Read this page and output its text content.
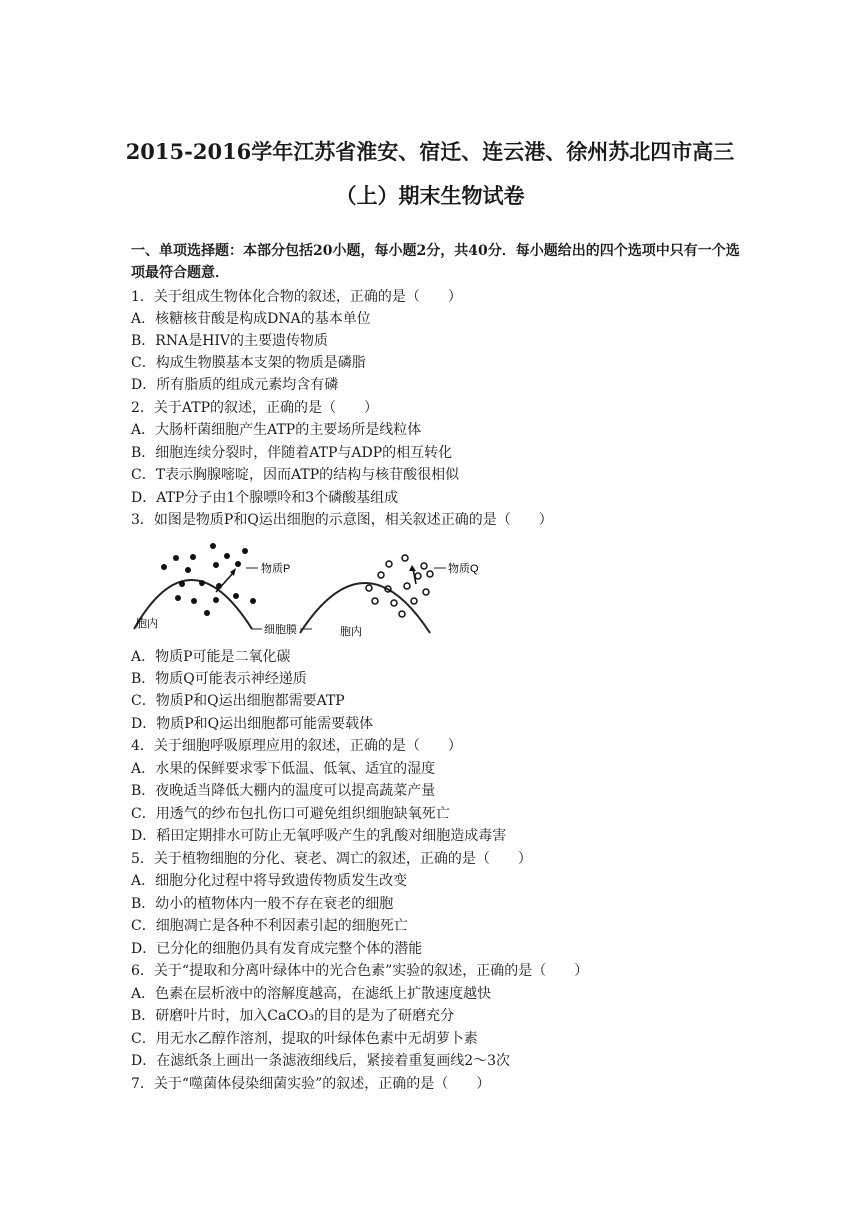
2015-2016学年江苏省淮安、宿迁、连云港、徐州苏北四市高三
（上）期末生物试卷
一、单项选择题：本部分包括20小题，每小题2分，共40分．每小题给出的四个选项中只有一个选项最符合题意．
1．关于组成生物体化合物的叙述，正确的是（　　）
A．核糖核苷酸是构成DNA的基本单位
B．RNA是HIV的主要遗传物质
C．构成生物膜基本支架的物质是磷脂
D．所有脂质的组成元素均含有磷
2．关于ATP的叙述，正确的是（　　）
A．大肠杆菌细胞产生ATP的主要场所是线粒体
B．细胞连续分裂时，伴随着ATP与ADP的相互转化
C．T表示胸腺嘧啶，因而ATP的结构与核苷酸很相似
D．ATP分子由1个腺嘌呤和3个磷酸基组成
3．如图是物质P和Q运出细胞的示意图，相关叙述正确的是（　　）
物质P	物质Q
细胞膜
胞内
胞内
A．物质P可能是二氧化碳
B．物质Q可能表示神经递质
C．物质P和Q运出细胞都需要ATP
D．物质P和Q运出细胞都可能需要载体
4．关于细胞呼吸原理应用的叙述，正确的是（　　）
A．水果的保鲜要求零下低温、低氧、适宜的湿度
B．夜晚适当降低大棚内的温度可以提高蔬菜产量
C．用透气的纱布包扎伤口可避免组织细胞缺氧死亡
D．稻田定期排水可防止无氧呼吸产生的乳酸对细胞造成毒害
5．关于植物细胞的分化、衰老、凋亡的叙述，正确的是（　　）
A．细胞分化过程中将导致遗传物质发生改变
B．幼小的植物体内一般不存在衰老的细胞
C．细胞凋亡是各种不利因素引起的细胞死亡
D．已分化的细胞仍具有发育成完整个体的潜能
6．关于“提取和分离叶绿体中的光合色素”实验的叙述，正确的是（　　）
A．色素在层析液中的溶解度越高，在滤纸上扩散速度越快
B．研磨叶片时，加入CaCO₃的目的是为了研磨充分
C．用无水乙醇作溶剂，提取的叶绿体色素中无胡萝卜素
D．在滤纸条上画出一条滤液细线后，紧接着重复画线2～3次
7．关于“噬菌体侵染细菌实验”的叙述，正确的是（　　）
